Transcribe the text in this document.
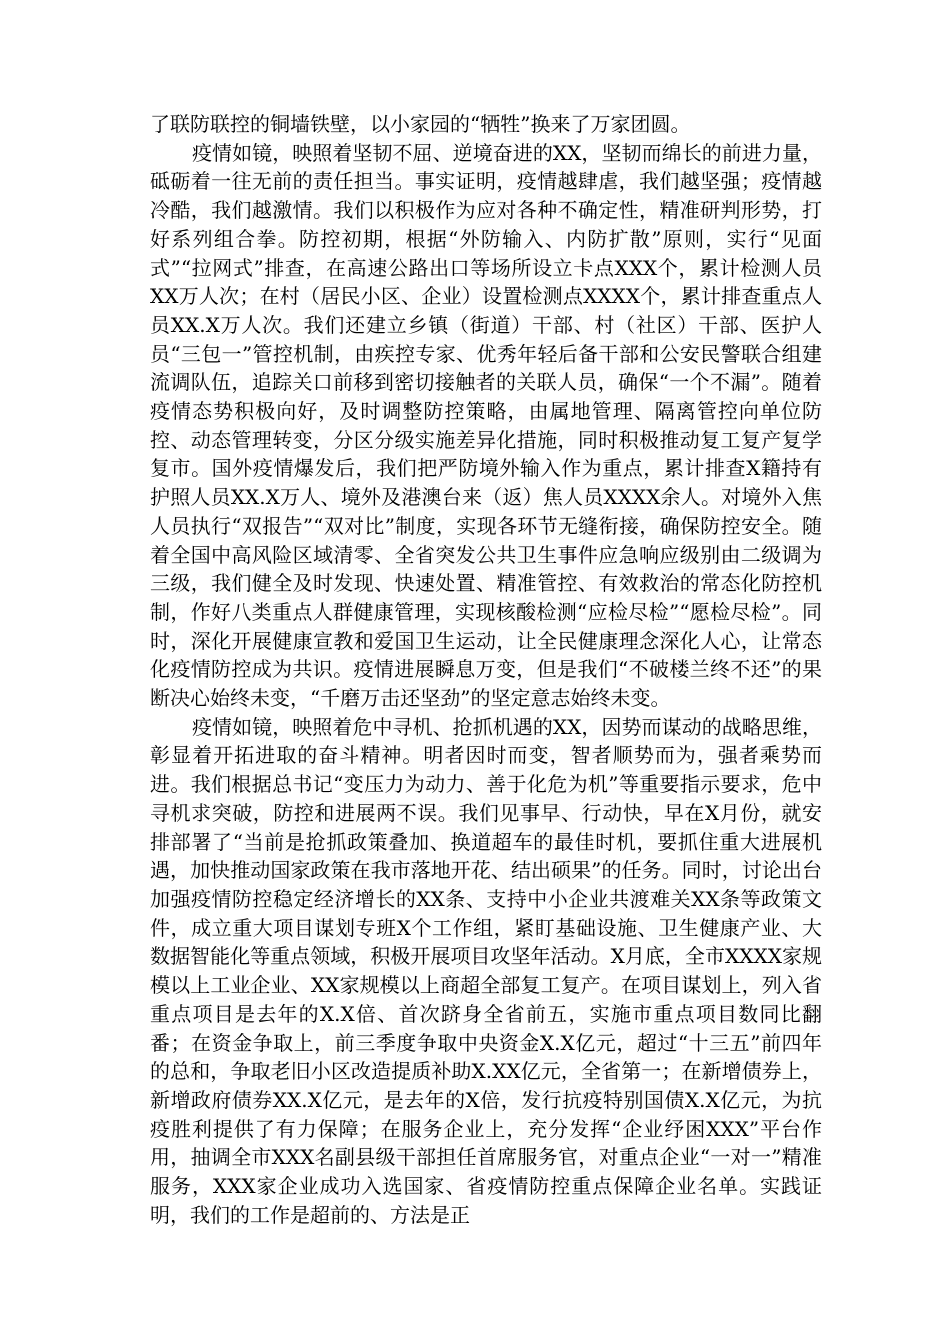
了联防联控的铜墙铁壁，以小家园的“牺牲”换来了万家团圆。

疫情如镜，映照着坚韧不屈、逆境奋进的XX，坚韧而绵长的前进力量，砥砺着一往无前的责任担当。事实证明，疫情越肆虐，我们越坚强；疫情越冷酷，我们越激情。我们以积极作为应对各种不确定性，精准研判形势，打好系列组合拳。防控初期，根据“外防输入、内防扩散”原则，实行“见面式”“拉网式”排查，在高速公路出口等场所设立卡点XXX个，累计检测人员XX万人次；在村（居民小区、企业）设置检测点XXXX个，累计排查重点人员XX.X万人次。我们还建立乡镇（街道）干部、村（社区）干部、医护人员“三包一”管控机制，由疾控专家、优秀年轻后备干部和公安民警联合组建流调队伍，追踪关口前移到密切接触者的关联人员，确保“一个不漏”。随着疫情态势积极向好，及时调整防控策略，由属地管理、隔离管控向单位防控、动态管理转变，分区分级实施差异化措施，同时积极推动复工复产复学复市。国外疫情爆发后，我们把严防境外输入作为重点，累计排查X籍持有护照人员XX.X万人、境外及港澳台来（返）焦人员XXXX余人。对境外入焦人员执行“双报告”“双对比”制度，实现各环节无缝衔接，确保防控安全。随着全国中高风险区域清零、全省突发公共卫生事件应急响应级别由二级调为三级，我们健全及时发现、快速处置、精准管控、有效救治的常态化防控机制，作好八类重点人群健康管理，实现核酸检测“应检尽检”“愿检尽检”。同时，深化开展健康宣教和爱国卫生运动，让全民健康理念深化人心，让常态化疫情防控成为共识。疫情进展瞬息万变，但是我们“不破楼兰终不还”的果断决心始终未变，“千磨万击还坚劲”的坚定意志始终未变。

疫情如镜，映照着危中寻机、抢抓机遇的XX，因势而谋动的战略思维，彰显着开拓进取的奋斗精神。明者因时而变，智者顺势而为，强者乘势而进。我们根据总书记“变压力为动力、善于化危为机”等重要指示要求，危中寻机求突破，防控和进展两不误。我们见事早、行动快，早在X月份，就安排部署了“当前是抢抓政策叠加、换道超车的最佳时机，要抓住重大进展机遇，加快推动国家政策在我市落地开花、结出硕果”的任务。同时，讨论出台加强疫情防控稳定经济增长的XX条、支持中小企业共渡难关XX条等政策文件，成立重大项目谋划专班X个工作组，紧盯基础设施、卫生健康产业、大数据智能化等重点领域，积极开展项目攻坚年活动。X月底，全市XXXX家规模以上工业企业、XX家规模以上商超全部复工复产。在项目谋划上，列入省重点项目是去年的X.X倍、首次跻身全省前五，实施市重点项目数同比翻番；在资金争取上，前三季度争取中央资金X.X亿元，超过“十三五”前四年的总和，争取老旧小区改造提质补助X.XX亿元，全省第一；在新增债券上，新增政府债券XX.X亿元，是去年的X倍，发行抗疫特别国债X.X亿元，为抗疫胜利提供了有力保障；在服务企业上，充分发挥“企业纾困XXX”平台作用，抽调全市XXX名副县级干部担任首席服务官，对重点企业“一对一”精准服务，XXX家企业成功入选国家、省疫情防控重点保障企业名单。实践证明，我们的工作是超前的、方法是正
